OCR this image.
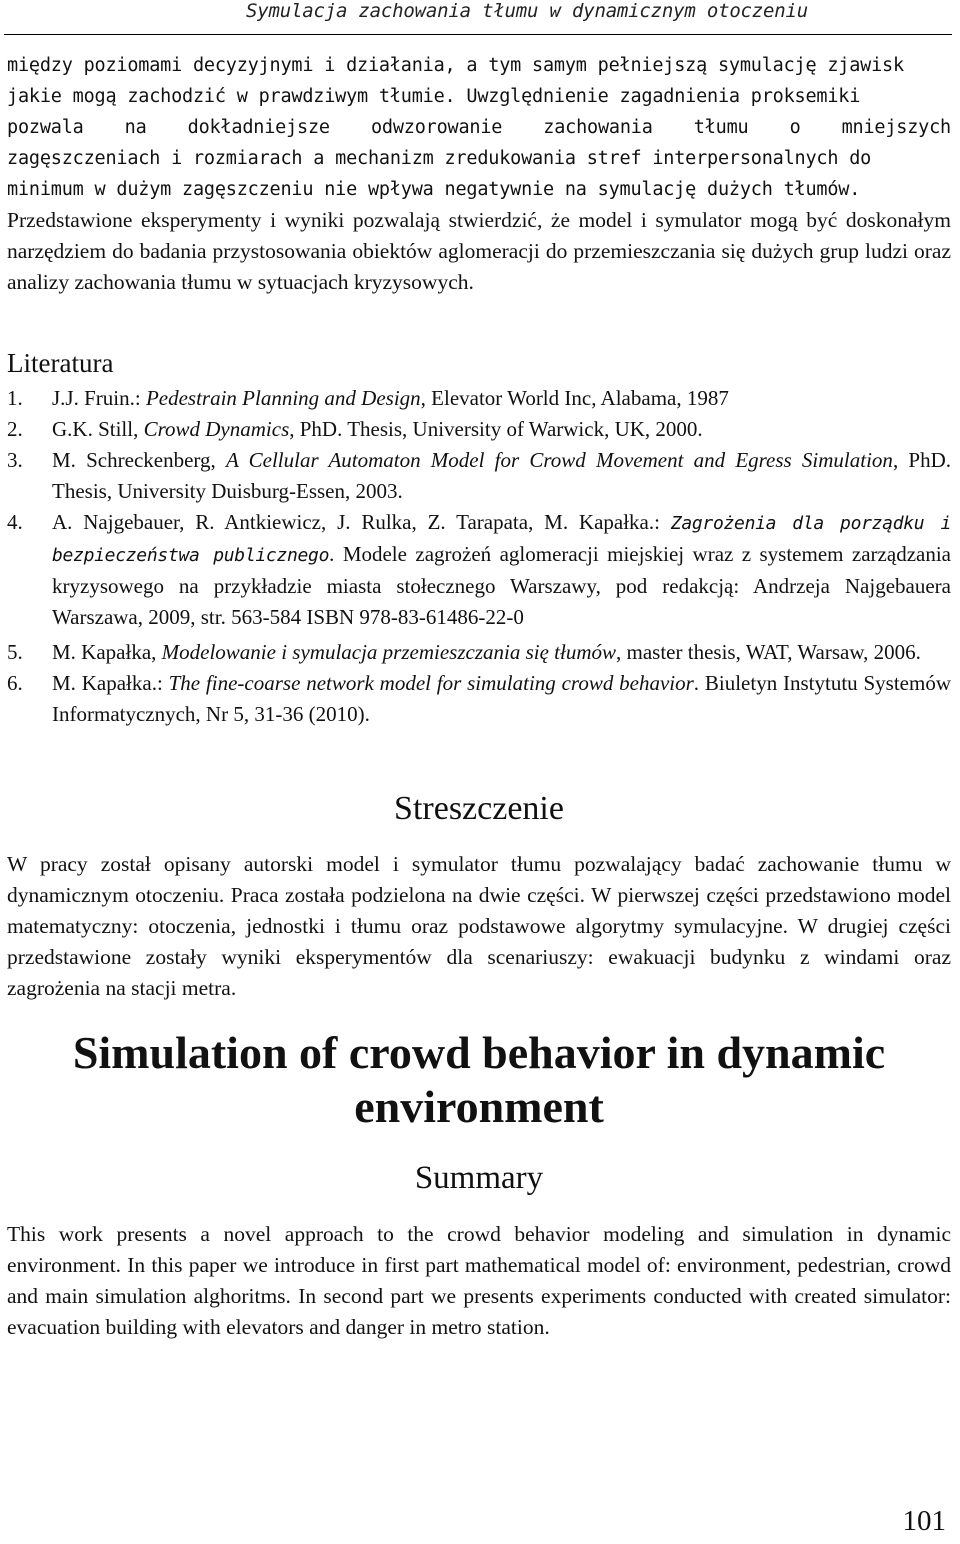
Symulacja zachowania tłumu w dynamicznym otoczeniu
między poziomami decyzyjnymi i działania, a tym samym pełniejszą symulację zjawisk
jakie mogą zachodzić w prawdziwym tłumie. Uwzględnienie zagadnienia proksemiki
pozwala na dokładniejsze odwzorowanie zachowania tłumu o mniejszych
zagęszczeniach i rozmiarach a mechanizm zredukowania stref interpersonalnych do
minimum w dużym zagęszczeniu nie wpływa negatywnie na symulację dużych tłumów.
Przedstawione eksperymenty i wyniki pozwalają stwierdzić, że model i symulator mogą być doskonałym narzędziem do badania przystosowania obiektów aglomeracji do przemieszczania się dużych grup ludzi oraz analizy zachowania tłumu w sytuacjach kryzysowych.
Literatura
1. J.J. Fruin.: Pedestrain Planning and Design, Elevator World Inc, Alabama, 1987
2. G.K. Still, Crowd Dynamics, PhD. Thesis, University of Warwick, UK, 2000.
3. M. Schreckenberg, A Cellular Automaton Model for Crowd Movement and Egress Simulation, PhD. Thesis, University Duisburg-Essen, 2003.
4. A. Najgebauer, R. Antkiewicz, J. Rulka, Z. Tarapata, M. Kapałka.: Zagrożenia dla porządku i bezpieczeństwa publicznego. Modele zagrożeń aglomeracji miejskiej wraz z systemem zarządzania kryzysowego na przykładzie miasta stołecznego Warszawy, pod redakcją: Andrzeja Najgebauera Warszawa, 2009, str. 563-584 ISBN 978-83-61486-22-0
5. M. Kapałka, Modelowanie i symulacja przemieszczania się tłumów, master thesis, WAT, Warsaw, 2006.
6. M. Kapałka.: The fine-coarse network model for simulating crowd behavior. Biuletyn Instytutu Systemów Informatycznych, Nr 5, 31-36 (2010).
Streszczenie
W pracy został opisany autorski model i symulator tłumu pozwalający badać zachowanie tłumu w dynamicznym otoczeniu. Praca została podzielona na dwie części. W pierwszej części przedstawiono model matematyczny: otoczenia, jednostki i tłumu oraz podstawowe algorytmy symulacyjne. W drugiej części przedstawione zostały wyniki eksperymentów dla scenariuszy: ewakuacji budynku z windami oraz zagrożenia na stacji metra.
Simulation of crowd behavior in dynamic
environment
Summary
This work presents a novel approach to the crowd behavior modeling and simulation in dynamic environment. In this paper we introduce in first part mathematical model of: environment, pedestrian, crowd and main simulation alghoritms. In second part we presents experiments conducted with created simulator: evacuation building with elevators and danger in metro station.
101
